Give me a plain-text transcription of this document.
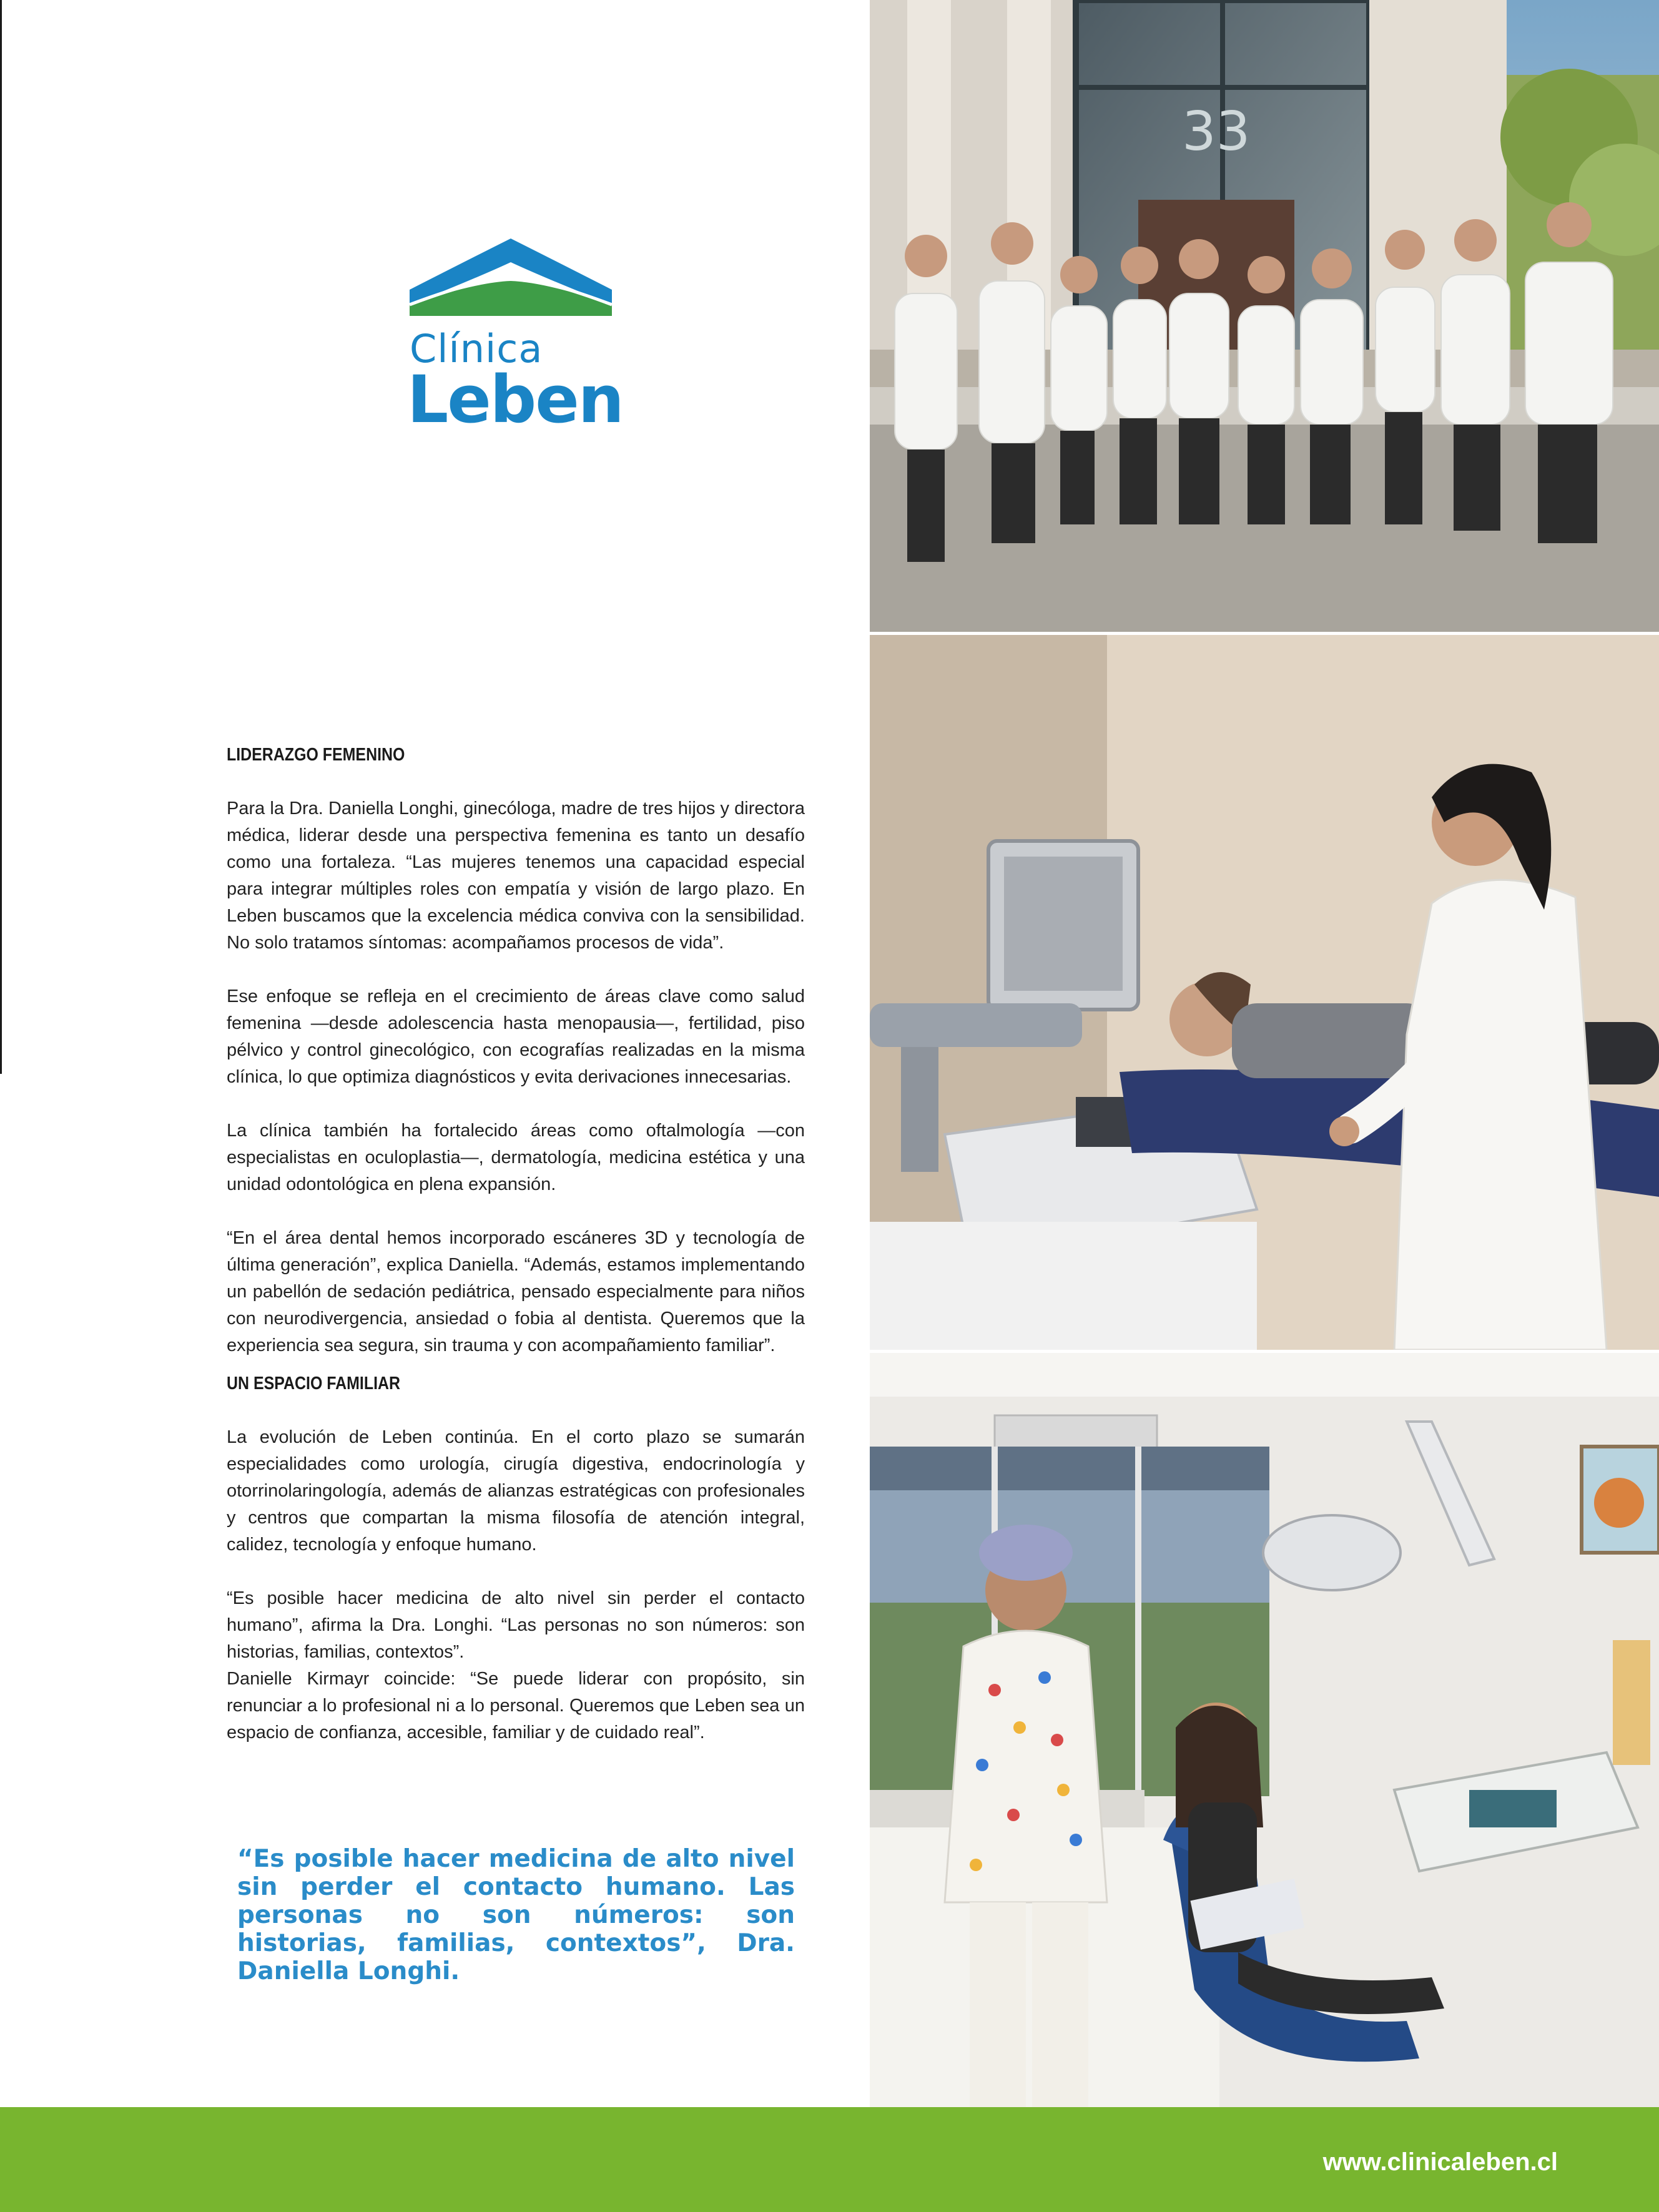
Clínica
Leben
LIDERAZGO FEMENINO

Para la Dra. Daniella Longhi, ginecóloga, madre de tres hijos y directora médica, liderar desde una perspectiva femenina es tanto un desafío como una fortaleza. “Las mujeres tenemos una capacidad especial para integrar múltiples roles con empatía y visión de largo plazo. En Leben buscamos que la excelencia médica conviva con la sensibilidad. No solo tratamos síntomas: acompañamos procesos de vida”.

Ese enfoque se refleja en el crecimiento de áreas clave como salud femenina —desde adolescencia hasta menopausia—, fertilidad, piso pélvico y control ginecológico, con ecografías realizadas en la misma clínica, lo que optimiza diagnósticos y evita derivaciones innecesarias.

La clínica también ha fortalecido áreas como oftalmología —con especialistas en oculoplastia—, dermatología, medicina estética y una unidad odontológica en plena expansión.

“En el área dental hemos incorporado escáneres 3D y tecnología de última generación”, explica Daniella. “Además, estamos implementando un pabellón de sedación pediátrica, pensado especialmente para niños con neurodivergencia, ansiedad o fobia al dentista. Queremos que la experiencia sea segura, sin trauma y con acompañamiento familiar”.

UN ESPACIO FAMILIAR

La evolución de Leben continúa. En el corto plazo se sumarán especialidades como urología, cirugía digestiva, endocrinología y otorrinolaringología, además de alianzas estratégicas con profesionales y centros que compartan la misma filosofía de atención integral, calidez, tecnología y enfoque humano.

“Es posible hacer medicina de alto nivel sin perder el contacto humano”, afirma la Dra. Longhi. “Las personas no son números: son historias, familias, contextos”.

Danielle Kirmayr coincide: “Se puede liderar con propósito, sin renunciar a lo profesional ni a lo personal. Queremos que Leben sea un espacio de confianza, accesible, familiar y de cuidado real”.

“Es posible hacer medicina de alto nivel sin perder el contacto humano. Las personas no son números: son historias, familias, contextos”, Dra. Daniella Longhi.
33
www.clinicaleben.cl
